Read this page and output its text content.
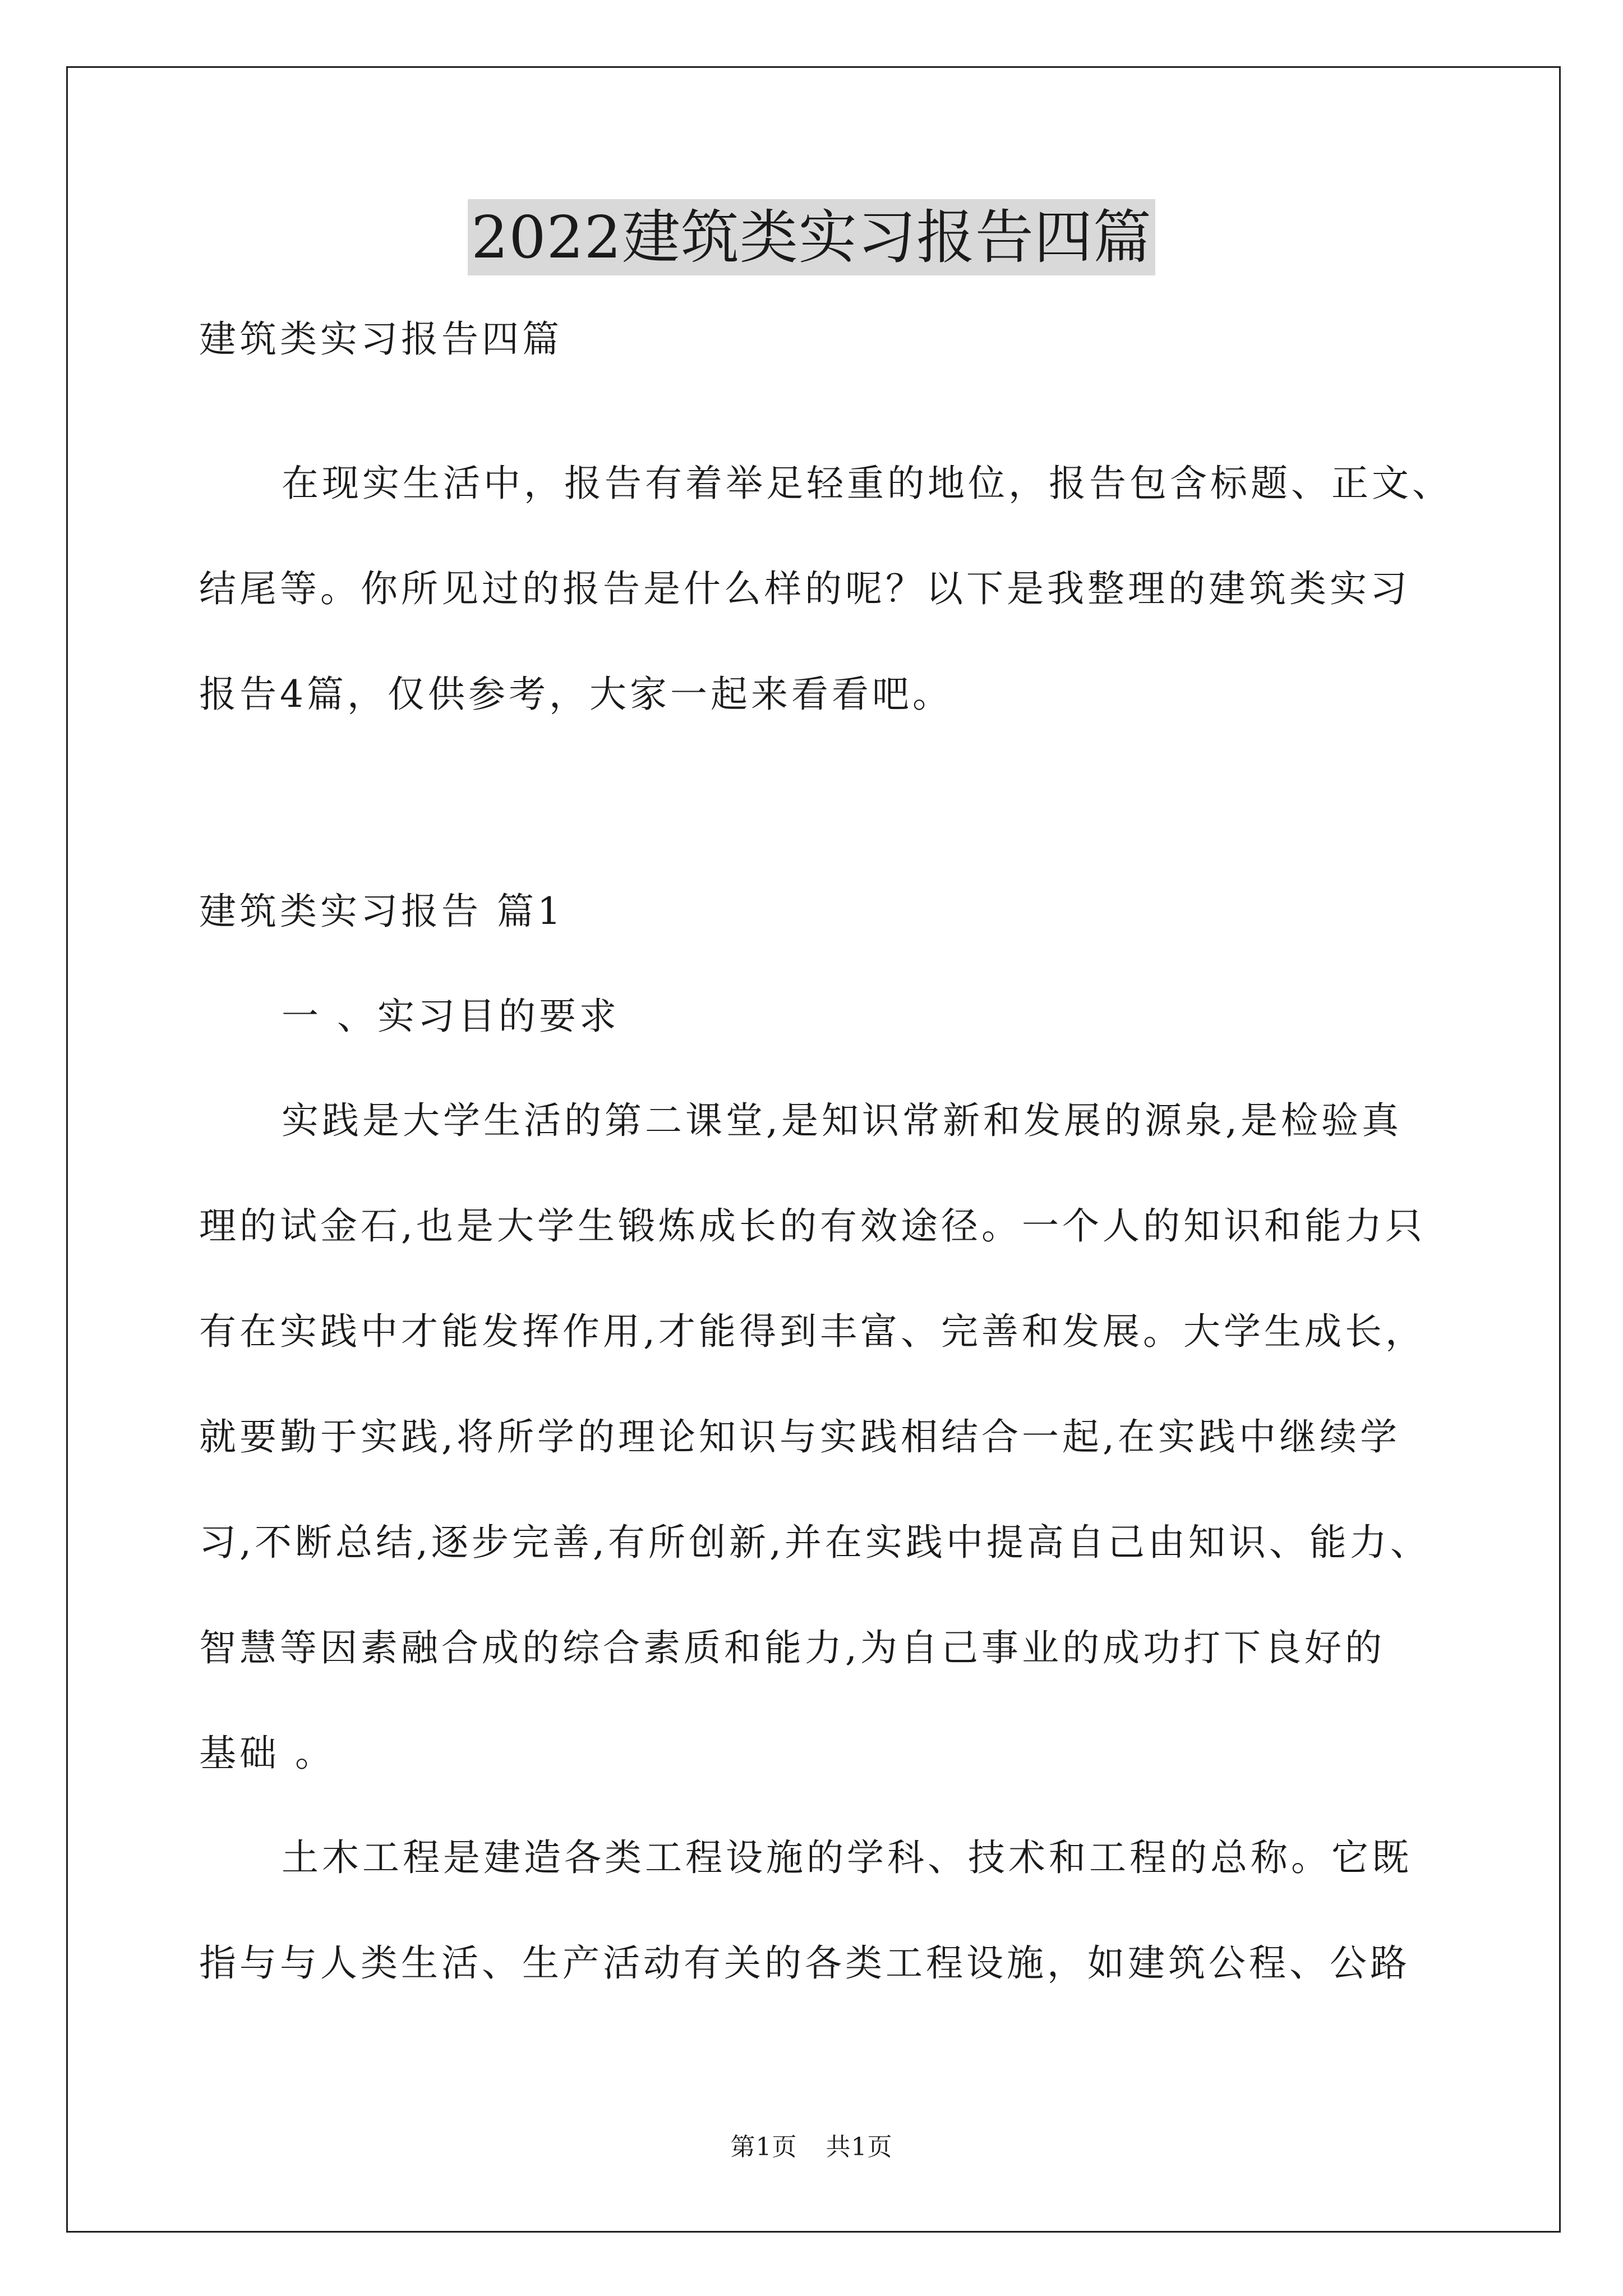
2022建筑类实习报告四篇
建筑类实习报告四篇
在现实生活中，报告有着举足轻重的地位，报告包含标题、正文、
结尾等。你所见过的报告是什么样的呢？以下是我整理的建筑类实习
报告4篇，仅供参考，大家一起来看看吧。
建筑类实习报告 篇1
一 、实习目的要求
实践是大学生活的第二课堂,是知识常新和发展的源泉,是检验真
理的试金石,也是大学生锻炼成长的有效途径。一个人的知识和能力只
有在实践中才能发挥作用,才能得到丰富、完善和发展。大学生成长，
就要勤于实践,将所学的理论知识与实践相结合一起,在实践中继续学
习,不断总结,逐步完善,有所创新,并在实践中提高自己由知识、能力、
智慧等因素融合成的综合素质和能力,为自己事业的成功打下良好的
基础 。
土木工程是建造各类工程设施的学科、技术和工程的总称。它既
指与与人类生活、生产活动有关的各类工程设施，如建筑公程、公路
第1页 共1页
